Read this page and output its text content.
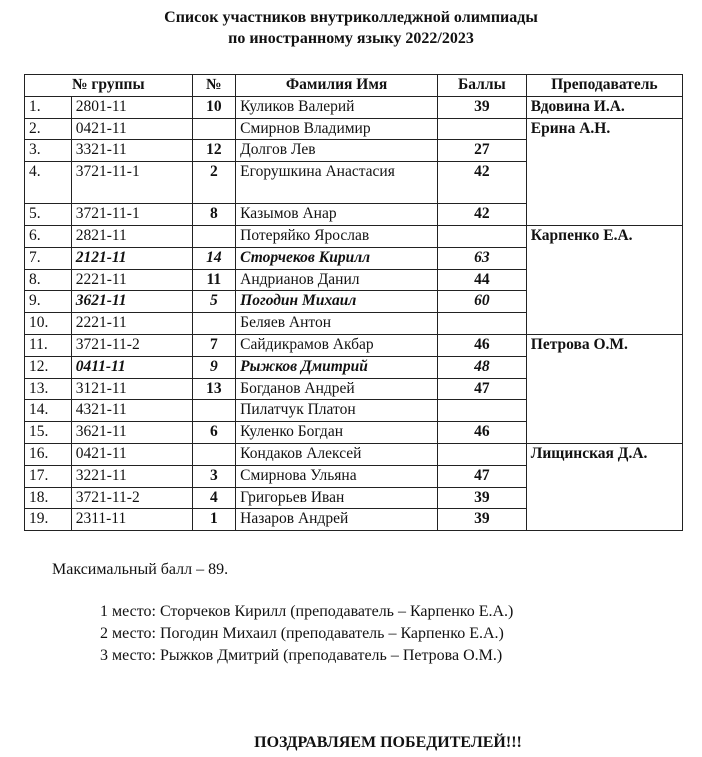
Список участников внутриколледжной олимпиады
по иностранному языку 2022/2023
№ группы		№	Фамилия Имя	Баллы	Преподаватель
1.	2801-11	10	Куликов Валерий	39	Вдовина И.А.
2.	0421-11		Смирнов Владимир		Ерина А.Н.
3.	3321-11	12	Долгов Лев	27	
4.	3721-11-1	2	Егорушкина Анастасия	42	
5.	3721-11-1	8	Казымов Анар	42	
6.	2821-11		Потеряйко Ярослав		Карпенко Е.А.
7.	2121-11	14	Сторчеков Кирилл	63	
8.	2221-11	11	Андрианов Данил	44	
9.	3621-11	5	Погодин Михаил	60	
10.	2221-11		Беляев Антон		
11.	3721-11-2	7	Сайдикрамов Акбар	46	Петрова О.М.
12.	0411-11	9	Рыжков Дмитрий	48	
13.	3121-11	13	Богданов Андрей	47	
14.	4321-11		Пилатчук Платон		
15.	3621-11	6	Куленко Богдан	46	
16.	0421-11		Кондаков Алексей		Лищинская Д.А.
17.	3221-11	3	Смирнова Ульяна	47	
18.	3721-11-2	4	Григорьев Иван	39	
19.	2311-11	1	Назаров Андрей	39	
Максимальный балл – 89.
1 место: Сторчеков Кирилл (преподаватель – Карпенко Е.А.)
2 место: Погодин Михаил (преподаватель – Карпенко Е.А.)
3 место: Рыжков Дмитрий (преподаватель – Петрова О.М.)
ПОЗДРАВЛЯЕМ ПОБЕДИТЕЛЕЙ!!!
